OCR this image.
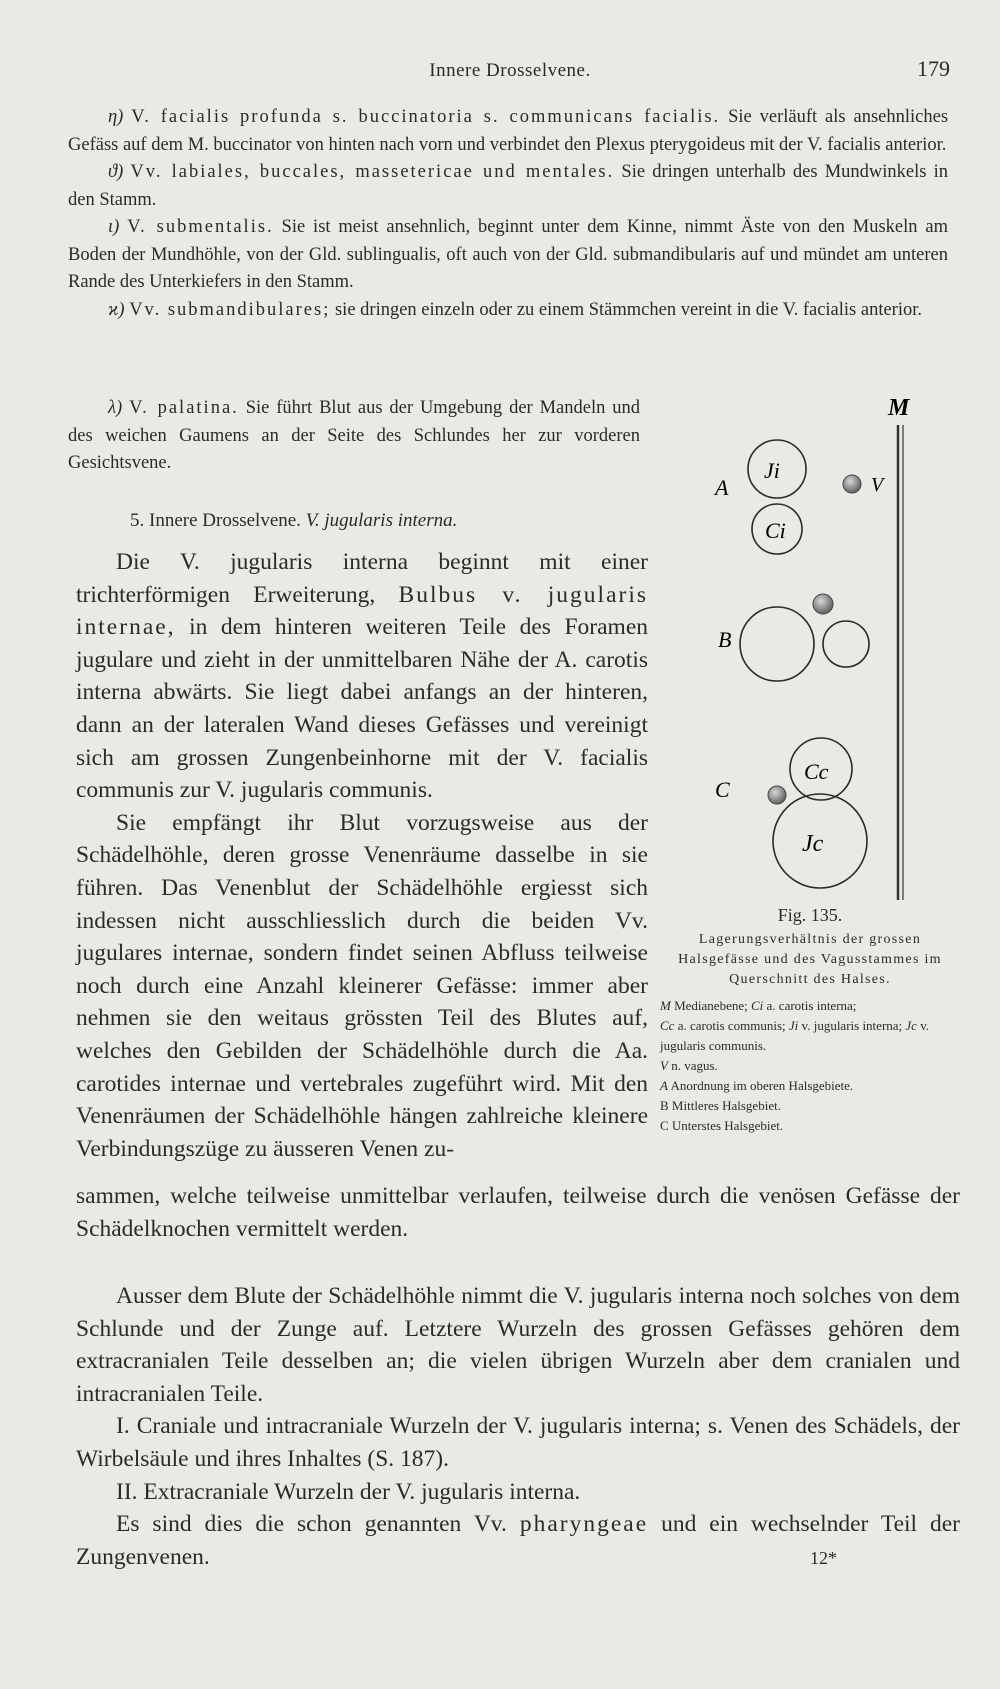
Innere Drosselvene.	179

η) V. facialis profunda s. buccinatoria s. communicans facialis. Sie verläuft als ansehnliches Gefäss auf dem M. buccinator von hinten nach vorn und verbindet den Plexus pterygoideus mit der V. facialis anterior.

ϑ) Vv. labiales, buccales, massetericae und mentales. Sie dringen unterhalb des Mundwinkels in den Stamm.

ι) V. submentalis. Sie ist meist ansehnlich, beginnt unter dem Kinne, nimmt Äste von den Muskeln am Boden der Mundhöhle, von der Gld. sublingualis, oft auch von der Gld. submandibularis auf und mündet am unteren Rande des Unterkiefers in den Stamm.

ϰ) Vv. submandibulares; sie dringen einzeln oder zu einem Stämmchen vereint in die V. facialis anterior.

λ) V. palatina. Sie führt Blut aus der Umgebung der Mandeln und des weichen Gaumens an der Seite des Schlundes her zur vorderen Gesichtsvene.

5. Innere Drosselvene. V. jugularis interna.

Die V. jugularis interna beginnt mit einer trichterförmigen Erweiterung, Bulbus v. jugularis internae, in dem hinteren weiteren Teile des Foramen jugulare und zieht in der unmittelbaren Nähe der A. carotis interna abwärts. Sie liegt dabei anfangs an der hinteren, dann an der lateralen Wand dieses Gefässes und vereinigt sich am grossen Zungenbeinhorne mit der V. facialis communis zur V. jugularis communis.

Sie empfängt ihr Blut vorzugsweise aus der Schädelhöhle, deren grosse Venenräume dasselbe in sie führen. Das Venenblut der Schädelhöhle ergiesst sich indessen nicht ausschliesslich durch die beiden Vv. jugulares internae, sondern findet seinen Abfluss teilweise noch durch eine Anzahl kleinerer Gefässe: immer aber nehmen sie den weitaus grössten Teil des Blutes auf, welches den Gebilden der Schädelhöhle durch die Aa. carotides internae und vertebrales zugeführt wird. Mit den Venenräumen der Schädelhöhle hängen zahlreiche kleinere Verbindungszüge zu äusseren Venen zu-

sammen, welche teilweise unmittelbar verlaufen, teilweise durch die venösen Gefässe der Schädelknochen vermittelt werden.

Ausser dem Blute der Schädelhöhle nimmt die V. jugularis interna noch solches von dem Schlunde und der Zunge auf. Letztere Wurzeln des grossen Gefässes gehören dem extracranialen Teile desselben an; die vielen übrigen Wurzeln aber dem cranialen und intracranialen Teile.

I. Craniale und intracraniale Wurzeln der V. jugularis interna; s. Venen des Schädels, der Wirbelsäule und ihres Inhaltes (S. 187).

II. Extracraniale Wurzeln der V. jugularis interna.

Es sind dies die schon genannten Vv. pharyngeae und ein wechselnder Teil der Zungenvenen.

M
A
Ji
Ci
V
B
C
Cc
Jc
Fig. 135.
Lagerungsverhältnis der grossen Halsgefässe und des Vagusstammes im Querschnitt des Halses.
M Medianebene; Ci a. carotis interna;
Cc a. carotis communis; Ji v. jugularis interna; Jc v. jugularis communis.
V n. vagus.
A Anordnung im oberen Halsgebiete.
B Mittleres Halsgebiet.
C Unterstes Halsgebiet.
12*
